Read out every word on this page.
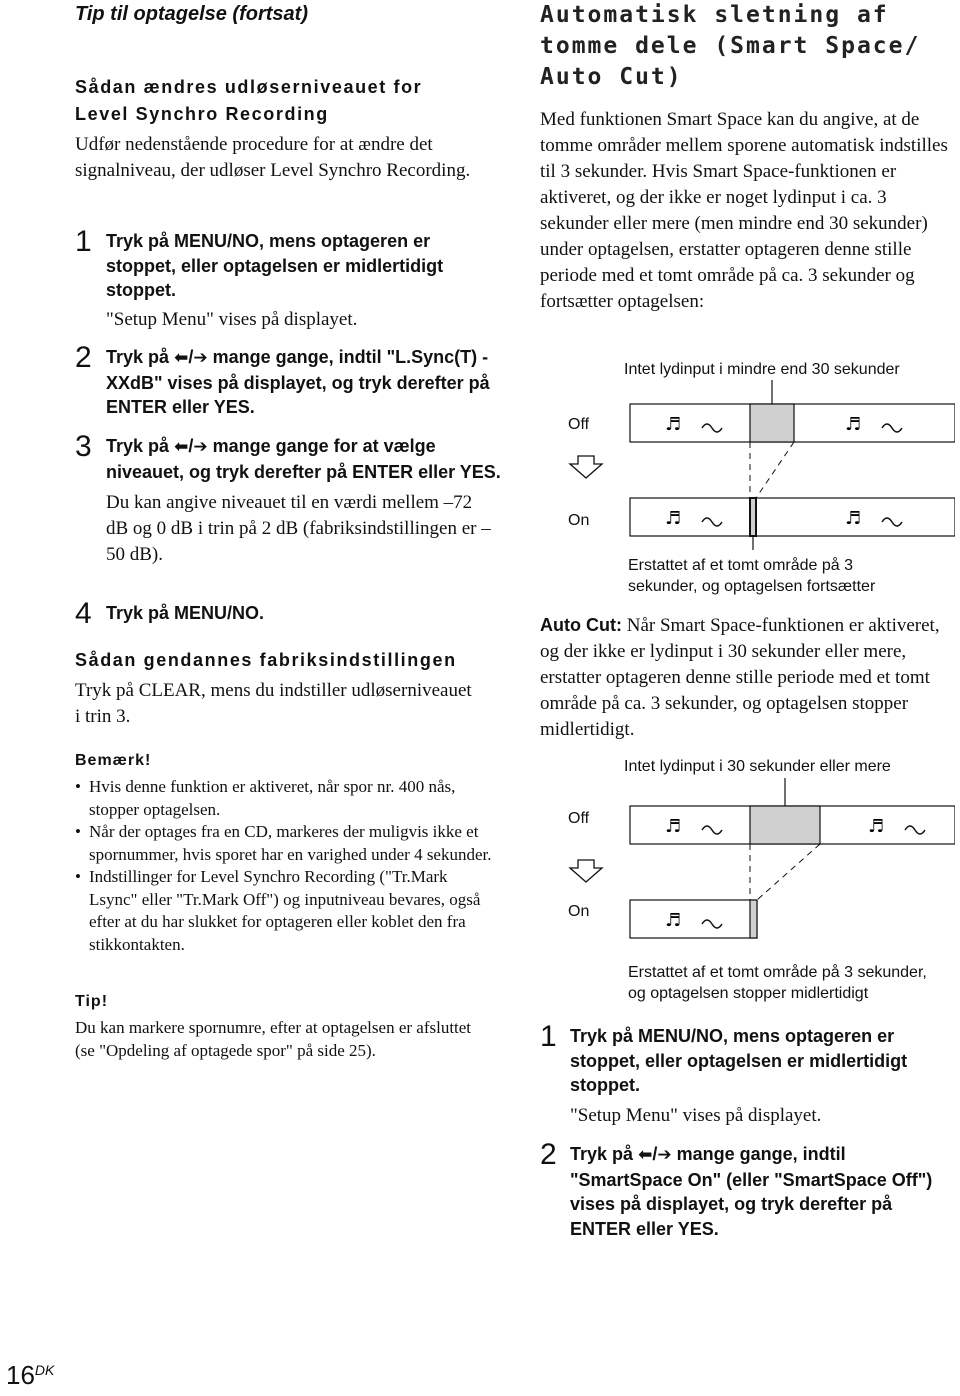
Tip til optagelse (fortsat)
Sådan ændres udløserniveauet for
Level Synchro Recording
Udfør nedenstående procedure for at ændre det signalniveau, der udløser Level Synchro Recording.
1 Tryk på MENU/NO, mens optageren er stoppet, eller optagelsen er midlertidigt stoppet.
"Setup Menu" vises på displayet.
2 Tryk på ⬅/➔ mange gange, indtil "L.Sync(T) -XXdB" vises på displayet, og tryk derefter på ENTER eller YES.
3 Tryk på ⬅/➔ mange gange for at vælge niveauet, og tryk derefter på ENTER eller YES.
Du kan angive niveauet til en værdi mellem –72 dB og 0 dB i trin på 2 dB (fabriksindstillingen er –50 dB).
4 Tryk på MENU/NO.
Sådan gendannes fabriksindstillingen
Tryk på CLEAR, mens du indstiller udløserniveauet i trin 3.
Bemærk!
• Hvis denne funktion er aktiveret, når spor nr. 400 nås, stopper optagelsen.
• Når der optages fra en CD, markeres der muligvis ikke et spornummer, hvis sporet har en varighed under 4 sekunder.
• Indstillinger for Level Synchro Recording ("Tr.Mark Lsync" eller "Tr.Mark Off") og inputniveau bevares, også efter at du har slukket for optageren eller koblet den fra stikkontakten.
Tip!
Du kan markere spornumre, efter at optagelsen er afsluttet (se "Opdeling af optagede spor" på side 25).
Automatisk sletning af
tomme dele (Smart Space/
Auto Cut)
Med funktionen Smart Space kan du angive, at de tomme områder mellem sporene automatisk indstilles til 3 sekunder. Hvis Smart Space-funktionen er aktiveret, og der ikke er noget lydinput i ca. 3 sekunder eller mere (men mindre end 30 sekunder) under optagelsen, erstatter optageren denne stille periode med et tomt område på ca. 3 sekunder og fortsætter optagelsen:
Intet lydinput i mindre end 30 sekunder
Off
On
♬	♬
♬	♬
Erstattet af et tomt område på 3
sekunder, og optagelsen fortsætter
Auto Cut: Når Smart Space-funktionen er aktiveret, og der ikke er lydinput i 30 sekunder eller mere, erstatter optageren denne stille periode med et tomt område på ca. 3 sekunder, og optagelsen stopper midlertidigt.
Intet lydinput i 30 sekunder eller mere
Off
On
♬	♬
♬
Erstattet af et tomt område på 3 sekunder,
og optagelsen stopper midlertidigt
1 Tryk på MENU/NO, mens optageren er stoppet, eller optagelsen er midlertidigt stoppet.
"Setup Menu" vises på displayet.
2 Tryk på ⬅/➔ mange gange, indtil "SmartSpace On" (eller "SmartSpace Off") vises på displayet, og tryk derefter på ENTER eller YES.
$16^{DK}$
